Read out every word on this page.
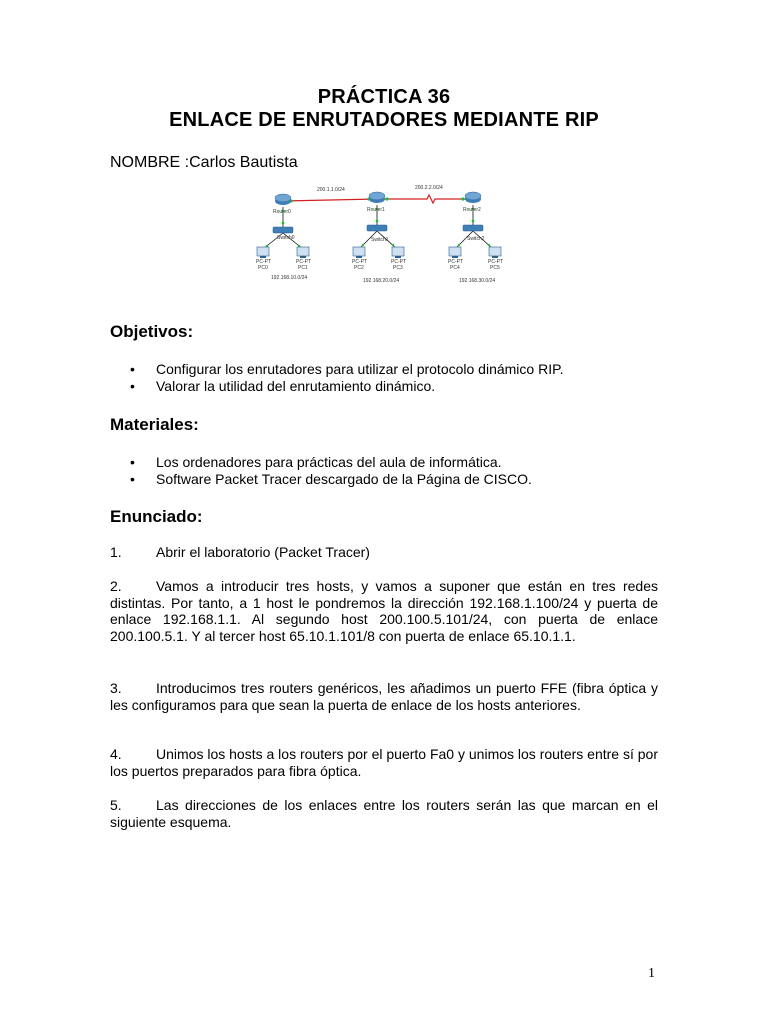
PRÁCTICA 36
ENLACE DE ENRUTADORES MEDIANTE RIP
NOMBRE :Carlos Bautista
200.1.1.0/24	200.2.2.0/24
Router0	Router1	Router2
Switch0	Switch1	Switch2
PC-PT
PC0
PC-PT
PC1
PC-PT
PC2
PC-PT
PC3
PC-PT
PC4
PC-PT
PC5
192.168.10.0/24	192.168.20.0/24	192.168.30.0/24
Objetivos:
• Configurar los enrutadores para utilizar el protocolo dinámico RIP.
• Valorar la utilidad del enrutamiento dinámico.
Materiales:
• Los ordenadores para prácticas del aula de informática.
• Software Packet Tracer descargado de la Página de CISCO.
Enunciado:

1. Abrir el laboratorio (Packet Tracer)

2. Vamos a introducir tres hosts, y vamos a suponer que están en tres redes distintas. Por tanto, a 1 host le pondremos la dirección 192.168.1.100/24 y puerta de enlace 192.168.1.1. Al segundo host 200.100.5.101/24, con puerta de enlace 200.100.5.1. Y al tercer host 65.10.1.101/8 con puerta de enlace 65.10.1.1.

3. Introducimos tres routers genéricos, les añadimos un puerto FFE (fibra óptica y les configuramos para que sean la puerta de enlace de los hosts anteriores.

4. Unimos los hosts a los routers por el puerto Fa0 y unimos los routers entre sí por los puertos preparados para fibra óptica.

5. Las direcciones de los enlaces entre los routers serán las que marcan en el siguiente esquema.

1
